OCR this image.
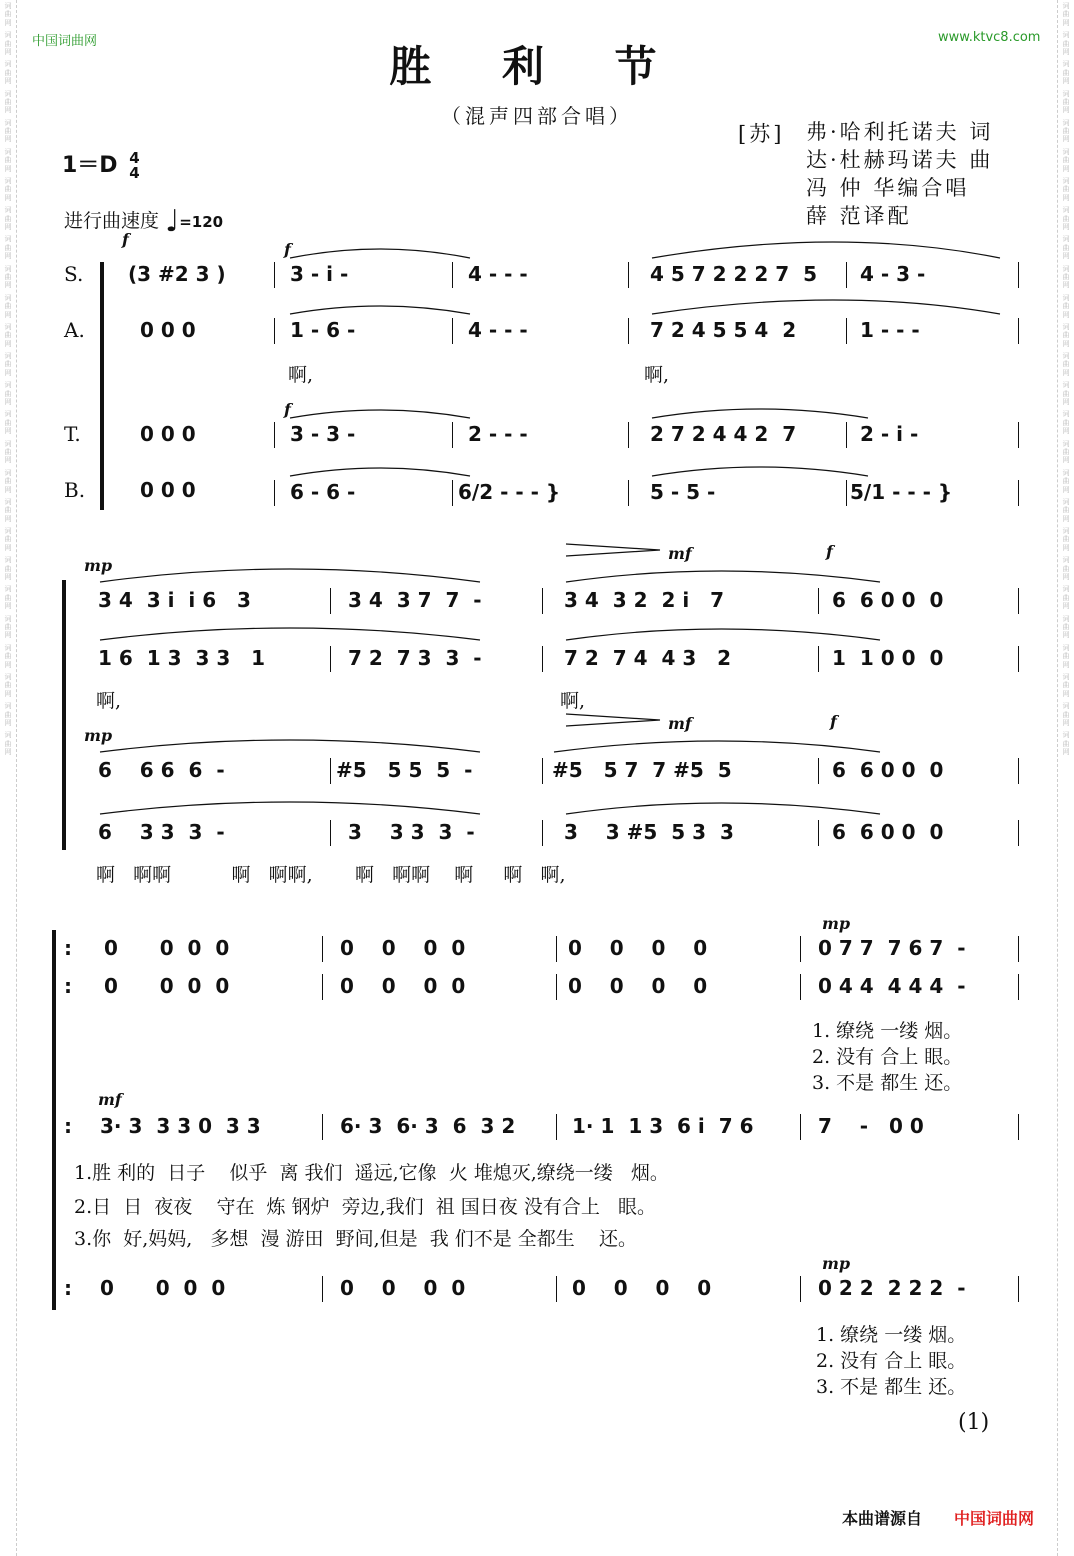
词
曲
网
词
曲
网
词
曲
网
词
曲
网
词
曲
网
词
曲
网
词
曲
网
词
曲
网
词
曲
网
词
曲
网
词
曲
网
词
曲
网
词
曲
网
词
曲
网
词
曲
网
词
曲
网
词
曲
网
词
曲
网
词
曲
网
词
曲
网
词
曲
网
词
曲
网
词
曲
网
词
曲
网
词
曲
网
词
曲
网
词
曲
网
词
曲
网
词
曲
网
词
曲
网
词
曲
网
词
曲
网
词
曲
网
词
曲
网
词
曲
网
词
曲
网
词
曲
网
词
曲
网
词
曲
网
词
曲
网
词
曲
网
词
曲
网
词
曲
网
词
曲
网
词
曲
网
词
曲
网
词
曲
网
词
曲
网
词
曲
网
词
曲
网
词
曲
网
词
曲
网
中国词曲网	www.ktvc8.com
胜 利 节
（混声四部合唱）
[苏] 弗·哈利托诺夫 词
达·杜赫玛诺夫 曲
冯 仲 华编合唱
薛 范译配
1＝D 4
4
进行曲速度 ♩=120
S.
A.
T.
B.
f
f
f
(3 #2 3 )
0 0 0
0 0 0
0 0 0
3 - i -	4 - - -	4 5 7 2 2 2 7  5 4 - 3 -
1 - 6 -	4 - - -	7 2 4 5 5 4  2	1 - - -
啊,	啊,
3 - 3 -	2 - - -	2 7 2 4 4 2  7	2 - i -
6 - 6 -	6/2 - - - }	5 - 5 -	5/1 - - - }
mp
mf	f
mp
mf	f
3 4  3 i  i 6   3	3 4  3 7  7  -	3 4  3 2  2 i   7	6  6 0 0  0
1 6  1 3  3 3   1	7 2  7 3  3  -	7 2  7 4  4 3   2	1  1 0 0  0
啊,	啊,
6    6 6  6  -	#5   5 5  5  -	#5   5 7  7 #5  5	6  6 0 0  0
6    3 3  3  -	3    3 3  3  -	3    3 #5  5 3  3	6  6 0 0  0
啊   啊啊          啊   啊啊,       啊   啊啊    啊     啊   啊,
: 0      0  0  0	0    0    0  0	0    0    0    0	0 7 7  7 6 7  -
mp
: 0      0  0  0	0    0    0  0	0    0    0    0	0 4 4  4 4 4  -
1. 缭绕 一缕 烟。
2. 没有 合上 眼。
3. 不是 都生 还。
mf
: 3· 3  3 3 0  3 3	6· 3  6· 3  6  3 2	1· 1  1 3  6 i  7 6	7    -   0 0
1.胜 利的  日子    似乎  离 我们  遥远,它像  火 堆熄灭,缭绕一缕   烟。
2.日  日  夜夜    守在  炼 钢炉  旁边,我们  祖 国日夜 没有合上   眼。
3.你  好,妈妈,   多想  漫 游田  野间,但是  我 们不是 全都生    还。
mp
: 0      0  0  0	0    0    0  0	0    0    0    0	0 2 2  2 2 2  -
1. 缭绕 一缕 烟。
2. 没有 合上 眼。
3. 不是 都生 还。
(1)
本曲谱源自 中国词曲网
